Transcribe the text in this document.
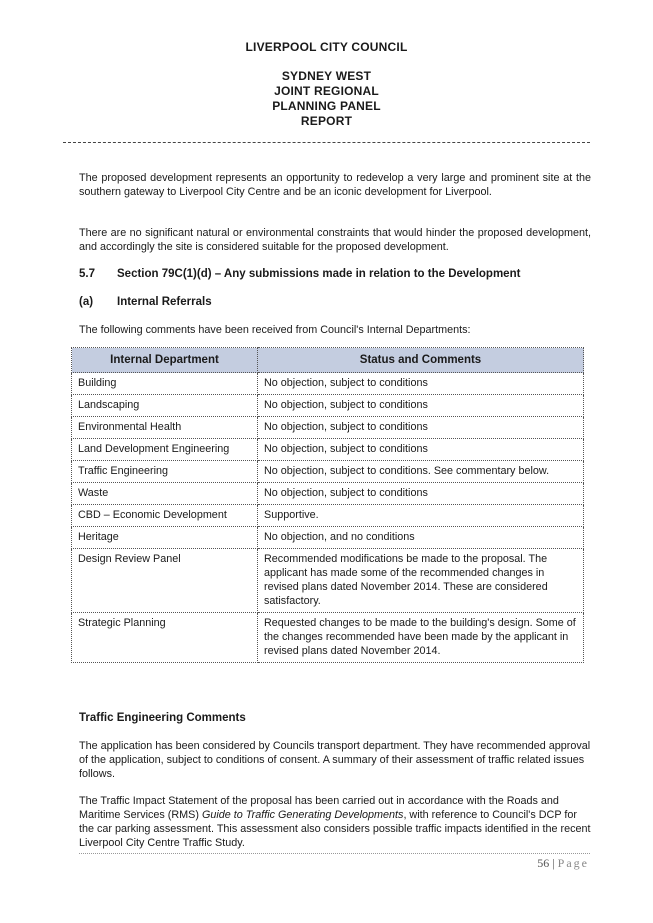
LIVERPOOL CITY COUNCIL
SYDNEY WEST
JOINT REGIONAL
PLANNING PANEL
REPORT

The proposed development represents an opportunity to redevelop a very large and prominent site at the southern gateway to Liverpool City Centre and be an iconic development for Liverpool.

There are no significant natural or environmental constraints that would hinder the proposed development, and accordingly the site is considered suitable for the proposed development.

5.7 Section 79C(1)(d) – Any submissions made in relation to the Development
(a) Internal Referrals

The following comments have been received from Council's Internal Departments:

Internal Department	Status and Comments
Building	No objection, subject to conditions
Landscaping	No objection, subject to conditions
Environmental Health	No objection, subject to conditions
Land Development Engineering	No objection, subject to conditions
Traffic Engineering	No objection, subject to conditions. See commentary below.
Waste	No objection, subject to conditions
CBD – Economic Development	Supportive.
Heritage	No objection, and no conditions
Design Review Panel	Recommended modifications be made to the proposal. The applicant has made some of the recommended changes in revised plans dated November 2014. These are considered satisfactory.
Strategic Planning	Requested changes to be made to the building's design. Some of the changes recommended have been made by the applicant in revised plans dated November 2014.
Traffic Engineering Comments

The application has been considered by Councils transport department. They have recommended approval of the application, subject to conditions of consent. A summary of their assessment of traffic related issues follows.

The Traffic Impact Statement of the proposal has been carried out in accordance with the Roads and Maritime Services (RMS) Guide to Traffic Generating Developments, with reference to Council's DCP for the car parking assessment. This assessment also considers possible traffic impacts identified in the recent Liverpool City Centre Traffic Study.

56 | Page
